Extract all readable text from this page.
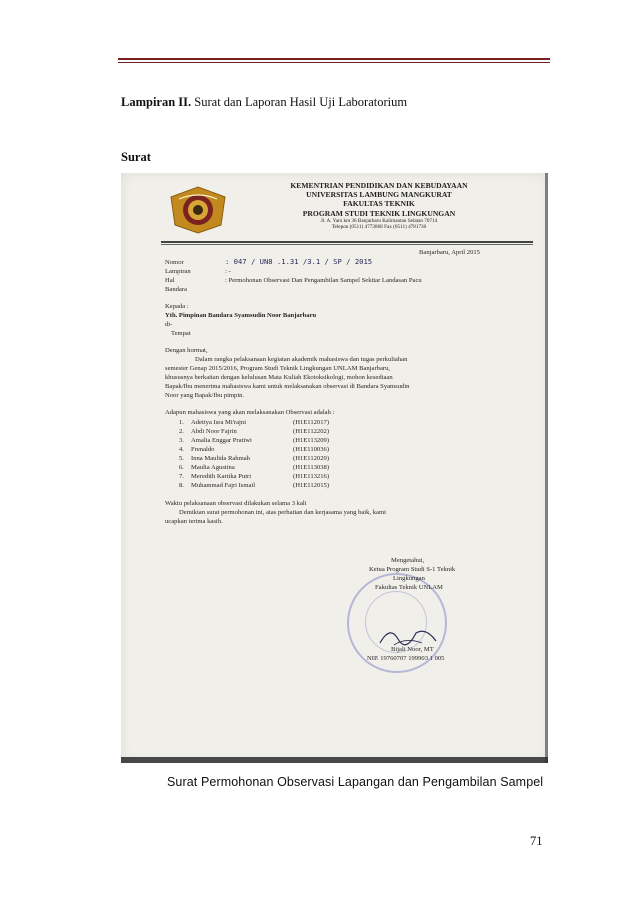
Lampiran II. Surat dan Laporan Hasil Uji Laboratorium
Surat
KEMENTRIAN PENDIDIKAN DAN KEBUDAYAAN
UNIVERSITAS LAMBUNG MANGKURAT
FAKULTAS TEKNIK
PROGRAM STUDI TEKNIK LINGKUNGAN
Jl. A. Yani km 36 Banjarbaru Kalimantan Selatan 70714
Telepon (0511) 4773868 Fax (0511) 4781730
Banjarbaru, April 2015
Nomor	: 047 / UN8 .1.31 /3.1 / SP / 2015
Lampiran	: -
Hal	: Permohonan Observasi Dan Pengambilan Sampel Sekitar Landasan Pacu
Bandara
Kepada :
Yth. Pimpinan Bandara Syamsudin Noor Banjarbaru
di-
Tempat
Dengan hormat,
Dalam rangka pelaksanaan kegiatan akademik mahasiswa dan tugas perkuliahan
semester Genap 2015/2016, Program Studi Teknik Lingkungan UNLAM Banjarbaru,
khususnya berkaitan dengan kelulusan Mata Kuliah Ekotoksikologi, mohon kesediaan
Bapak/Ibu menerima mahasiswa kami untuk melaksanakan observasi di Bandara Syamsudin
Noor yang Bapak/Ibu pimpin.
Adapun mahasiswa yang akan melaksanakan Observasi adalah :
1. Adetiya Isra Mi'rajni	(H1E112017)
2. Abdi Noor Fajrin	(H1E112202)
3. Amalia Enggar Pratiwi	(H1E113209)
4. Frenaldo	(H1E110036)
5. Inna Maulida Rahmah	(H1E112029)
6. Maulia Agustina	(H1E113038)
7. Meredith Kartika Putri	(H1E113216)
8. Muhammad Fajri Ismail	(H1E112015)
Waktu pelaksanaan observasi dilakukan selama 3 kali
Demikian surat permohonan ini, atas perhatian dan kerjasama yang baik, kami
ucapkan terima kasih.
Mengetahui,
Ketua Program Studi S-1 Teknik
Lingkungan
Fakultas Teknik UNLAM
Bijali Noor, MT
NIP. 19760707 199903 1 005
Surat Permohonan Observasi Lapangan dan Pengambilan Sampel
71
